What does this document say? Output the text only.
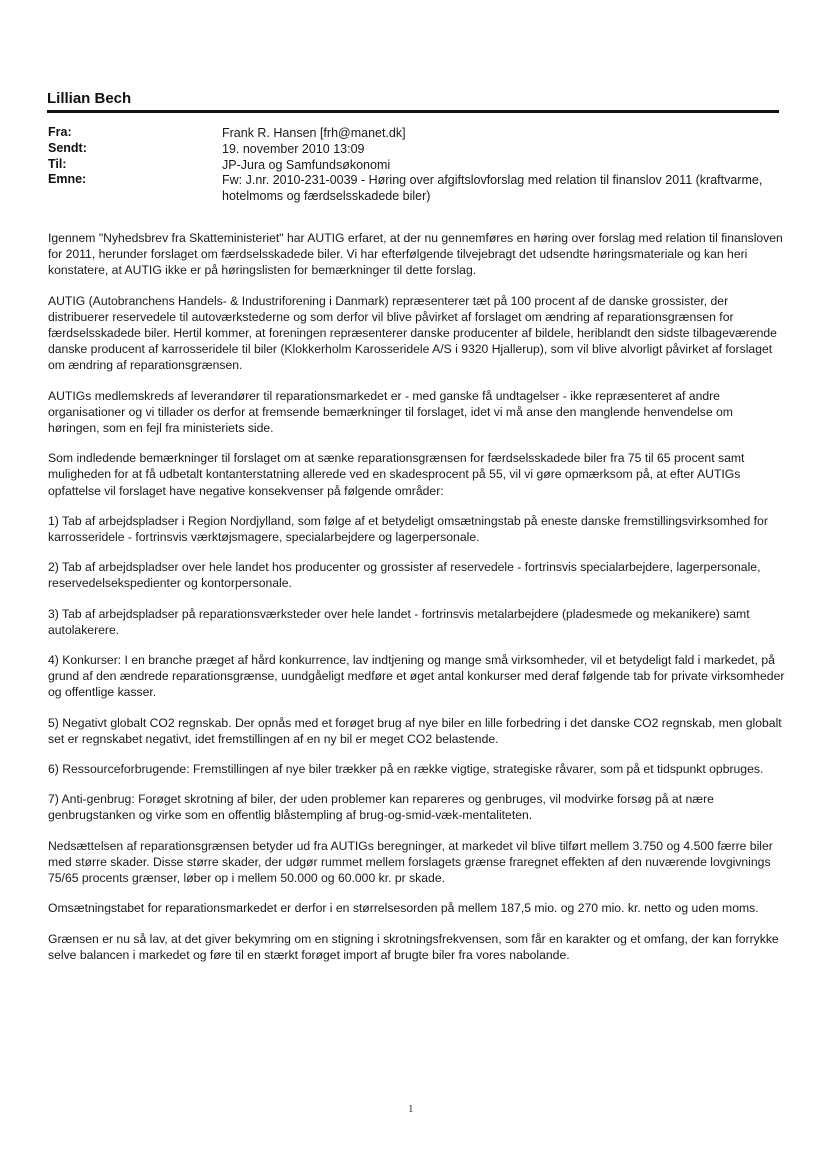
Lillian Bech
Fra:	Frank R. Hansen [frh@manet.dk]
Sendt:	19. november 2010 13:09
Til:	JP-Jura og Samfundsøkonomi
Emne:	Fw: J.nr. 2010-231-0039 - Høring over afgiftslovforslag med relation til finanslov 2011 (kraftvarme, hotelmoms og færdselsskadede biler)

Igennem "Nyhedsbrev fra Skatteministeriet" har AUTIG erfaret, at der nu gennemføres en høring over forslag med relation til finansloven for 2011, herunder forslaget om færdselsskadede biler. Vi har efterfølgende tilvejebragt det udsendte høringsmateriale og kan heri konstatere, at AUTIG ikke er på høringslisten for bemærkninger til dette forslag.

AUTIG (Autobranchens Handels- & Industriforening i Danmark) repræsenterer tæt på 100 procent af de danske grossister, der distribuerer reservedele til autoværkstederne og som derfor vil blive påvirket af forslaget om ændring af reparationsgrænsen for færdselsskadede biler. Hertil kommer, at foreningen repræsenterer danske producenter af bildele, heriblandt den sidste tilbageværende danske producent af karrosseridele til biler (Klokkerholm Karosseridele A/S i 9320 Hjallerup), som vil blive alvorligt påvirket af forslaget om ændring af reparationsgrænsen.

AUTIGs medlemskreds af leverandører til reparationsmarkedet er - med ganske få undtagelser - ikke repræsenteret af andre organisationer og vi tillader os derfor at fremsende bemærkninger til forslaget, idet vi må anse den manglende henvendelse om høringen, som en fejl fra ministeriets side.

Som indledende bemærkninger til forslaget om at sænke reparationsgrænsen for færdselsskadede biler fra 75 til 65 procent samt muligheden for at få udbetalt kontanterstatning allerede ved en skadesprocent på 55, vil vi gøre opmærksom på, at efter AUTIGs opfattelse vil forslaget have negative konsekvenser på følgende områder:

1) Tab af arbejdspladser i Region Nordjylland, som følge af et betydeligt omsætningstab på eneste danske fremstillingsvirksomhed for karrosseridele - fortrinsvis værktøjsmagere, specialarbejdere og lagerpersonale.

2) Tab af arbejdspladser over hele landet hos producenter og grossister af reservedele - fortrinsvis specialarbejdere, lagerpersonale, reservedelsekspedienter og kontorpersonale.

3) Tab af arbejdspladser på reparationsværksteder over hele landet - fortrinsvis metalarbejdere (pladesmede og mekanikere) samt autolakerere.

4) Konkurser: I en branche præget af hård konkurrence, lav indtjening og mange små virksomheder, vil et betydeligt fald i markedet, på grund af den ændrede reparationsgrænse, uundgåeligt medføre et øget antal konkurser med deraf følgende tab for private virksomheder og offentlige kasser.

5) Negativt globalt CO2 regnskab. Der opnås med et forøget brug af nye biler en lille forbedring i det danske CO2 regnskab, men globalt set er regnskabet negativt, idet fremstillingen af en ny bil er meget CO2 belastende.

6) Ressourceforbrugende: Fremstillingen af nye biler trækker på en række vigtige, strategiske råvarer, som på et tidspunkt opbruges.

7) Anti-genbrug: Forøget skrotning af biler, der uden problemer kan repareres og genbruges, vil modvirke forsøg på at nære genbrugstanken og virke som en offentlig blåstempling af brug-og-smid-væk-mentaliteten.

Nedsættelsen af reparationsgrænsen betyder ud fra AUTIGs beregninger, at markedet vil blive tilført mellem 3.750 og 4.500 færre biler med større skader. Disse større skader, der udgør rummet mellem forslagets grænse fraregnet effekten af den nuværende lovgivnings 75/65 procents grænser, løber op i mellem 50.000 og 60.000 kr. pr skade.

Omsætningstabet for reparationsmarkedet er derfor i en størrelsesorden på mellem 187,5 mio. og 270 mio. kr. netto og uden moms.

Grænsen er nu så lav, at det giver bekymring om en stigning i skrotningsfrekvensen, som får en karakter og et omfang, der kan forrykke selve balancen i markedet og føre til en stærkt forøget import af brugte biler fra vores nabolande.

1
